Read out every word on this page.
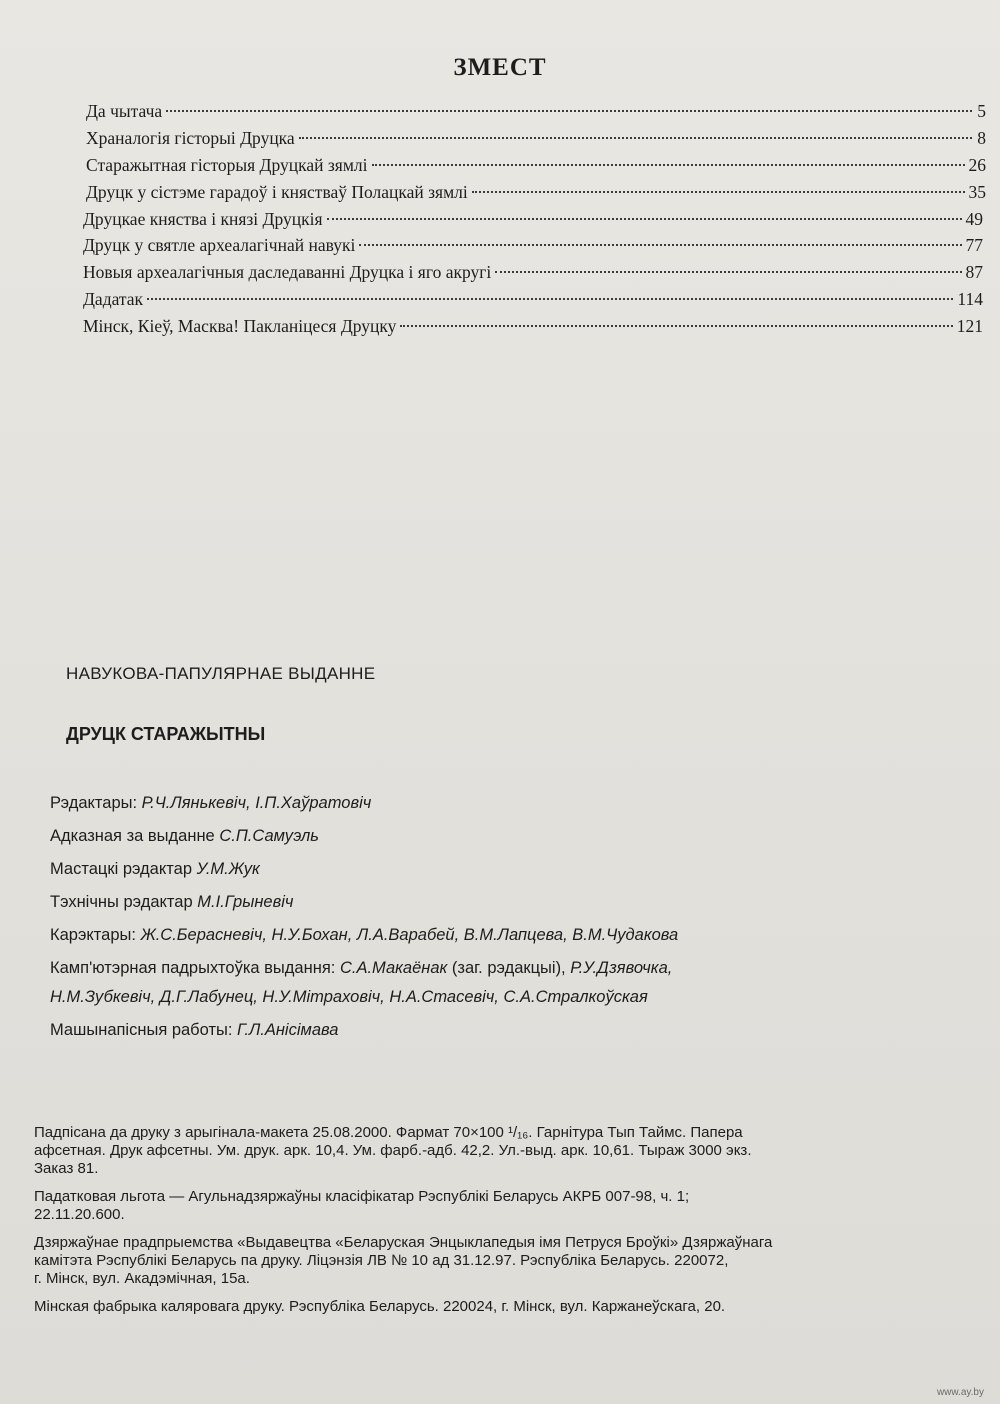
ЗМЕСТ
Да чытача	5
Храналогія гісторыі Друцка	8
Старажытная гісторыя Друцкай зямлі	26
Друцк у сістэме гарадоў і княстваў Полацкай зямлі	35
Друцкае княства і князі Друцкія	49
Друцк у святле археалагічнай навукі	77
Новыя археалагічныя даследаванні Друцка і яго акругі	87
Дадатак	114
Мінск, Кіеў, Масква! Пакланіцеся Друцку	121
НАВУКОВА-ПАПУЛЯРНАЕ ВЫДАННЕ
ДРУЦК СТАРАЖЫТНЫ
Рэдактары: Р.Ч.Лянькевіч, І.П.Хаўратовіч
Адказная за выданне С.П.Самуэль
Мастацкі рэдактар У.М.Жук
Тэхнічны рэдактар М.І.Грыневіч
Карэктары: Ж.С.Берасневіч, Н.У.Бохан, Л.А.Варабей, В.М.Лапцева, В.М.Чудакова
Камп'ютэрная падрыхтоўка выдання: С.А.Макаёнак (заг. рэдакцыі), Р.У.Дзявочка,
Н.М.Зубкевіч, Д.Г.Лабунец, Н.У.Мітраховіч, Н.А.Стасевіч, С.А.Стралкоўская
Машынапісныя работы: Г.Л.Анісімава

Падпісана да друку з арыгінала-макета 25.08.2000. Фармат 70×100 ¹/₁₆. Гарнітура Тып Таймс. Папера
афсетная. Друк афсетны. Ум. друк. арк. 10,4. Ум. фарб.-адб. 42,2. Ул.-выд. арк. 10,61. Тыраж 3000 экз.
Заказ 81.

Падатковая льгота — Агульнадзяржаўны класіфікатар Рэспублікі Беларусь АКРБ 007-98, ч. 1;
22.11.20.600.

Дзяржаўнае прадпрыемства «Выдавецтва «Беларуская Энцыклапедыя імя Петруся Броўкі» Дзяржаўнага
камітэта Рэспублікі Беларусь па друку. Ліцэнзія ЛВ № 10 ад 31.12.97. Рэспубліка Беларусь. 220072,
г. Мінск, вул. Акадэмічная, 15а.

Мінская фабрыка каляровага друку. Рэспубліка Беларусь. 220024, г. Мінск, вул. Каржанеўскага, 20.

www.ay.by
